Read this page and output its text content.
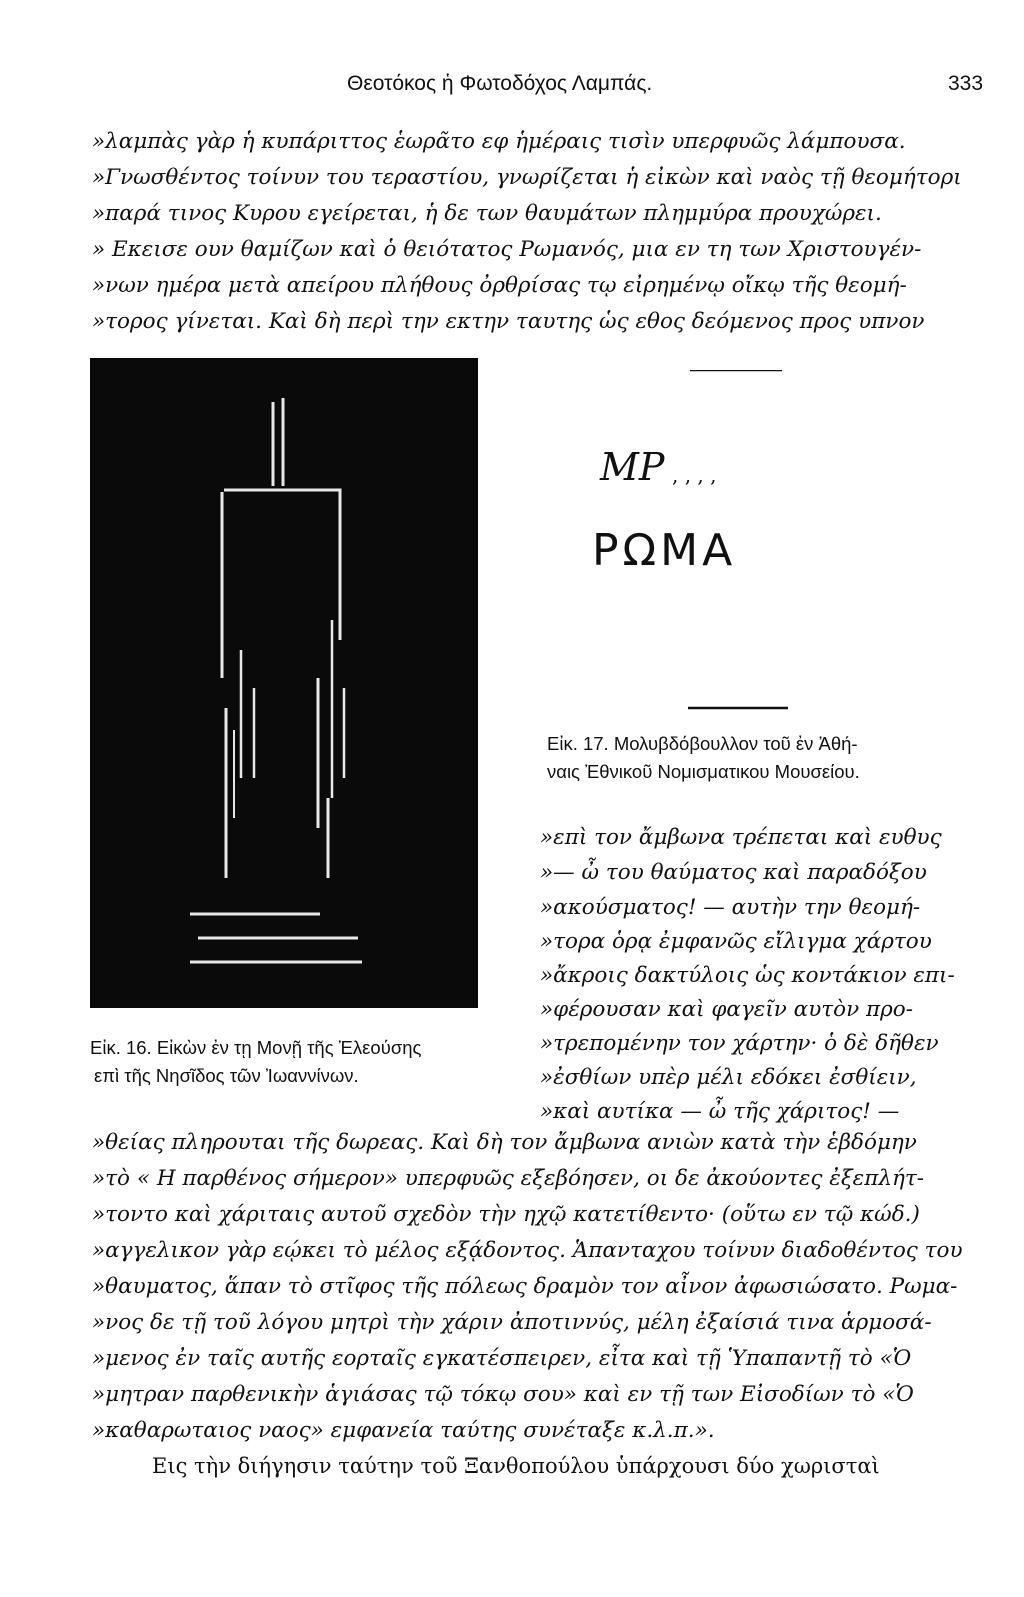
Θεοτόκος ἡ Φωτοδόχος Λαμπάς.	333
»λαμπὰς γὰρ ἡ κυπάριττος ἑωρᾶτο εφ ἡμέραις τισὶν υπερφυῶς λάμπουσα.
»Γνωσθέντος τοίνυν του τεραστίου, γνωρίζεται ἡ εἰκὼν καὶ ναὸς τῇ θεομήτορι
»παρά τινος Κυρου εγείρεται, ἡ δε των θαυμάτων πλημμύρα προυχώρει.
» Εκεισε ουν θαμίζων καὶ ὁ θειότατος Ρωμανός, μια εν τη των Χριστουγέν-
»νων ημέρα μετὰ απείρου πλήθους ὀρθρίσας τῳ εἰρημένῳ οἴκῳ τῆς θεομή-
»τορος γίνεται. Καὶ δὴ περὶ την εκτην ταυτης ὡς εθος δεόμενος προς υπνον
ΜΡ , , , ,
ΡΩΜΑ
Εἰκ. 17. Μολυβδόβουλλον τοῦ ἐν Ἀθή-
ναις Ἐθνικοῦ Νομισματικου Μουσείου.
»επὶ τον ἄμβωνα τρέπεται καὶ ευθυς
»— ὦ του θαύματος καὶ παραδόξου
»ακούσματος! — αυτὴν την θεομή-
»τορα ὁρᾳ ἐμφανῶς εἴλιγμα χάρτου
»ἄκροις δακτύλοις ὡς κοντάκιον επι-
»φέρουσαν καὶ φαγεῖν αυτὸν προ-
»τρεπομένην τον χάρτην· ὁ δὲ δῆθεν
»ἐσθίων υπὲρ μέλι εδόκει ἐσθίειν,
»καὶ αυτίκα — ὦ τῆς χάριτος! —
Εἰκ. 16. Εἰκὼν ἐν τῃ Μονῇ τῆς Ἐλεούσης
επὶ τῆς Νησῖδος τῶν Ἰωαννίνων.
»θείας πληρουται τῆς δωρεας. Καὶ δὴ τον ἄμβωνα ανιὼν κατὰ τὴν ἑβδόμην
»τὸ « Η παρθένος σήμερον» υπερφυῶς εξεβόησεν, οι δε ἀκούοντες ἐξεπλήτ-
»τοντο καὶ χάριταις αυτοῦ σχεδὸν τὴν ηχῷ κατετίθεντο· (οὕτω εν τῷ κώδ.)
»αγγελικον γὰρ εῴκει τὸ μέλος εξᾴδοντος. Ἁπανταχου τοίνυν διαδοθέντος του
»θαυματος, ἅπαν τὸ στῖφος τῆς πόλεως δραμὸν τον αἶνον ἀφωσιώσατο. Ρωμα-
»νος δε τῇ τοῦ λόγου μητρὶ τὴν χάριν ἀποτιννύς, μέλη ἐξαίσιά τινα ἁρμοσά-
»μενος ἐν ταῖς αυτῆς εορταῖς εγκατέσπειρεν, εἶτα καὶ τῇ Ὑπαπαντῇ τὸ «Ὁ
»μητραν παρθενικὴν ἁγιάσας τῷ τόκῳ σου» καὶ εν τῇ των Εἰσοδίων τὸ «Ὁ
»καθαρωταιος ναος» εμφανεία ταύτης συνέταξε κ.λ.π.».
Εις τὴν διήγησιν ταύτην τοῦ Ξανθοπούλου ὑπάρχουσι δύο χωρισταὶ
